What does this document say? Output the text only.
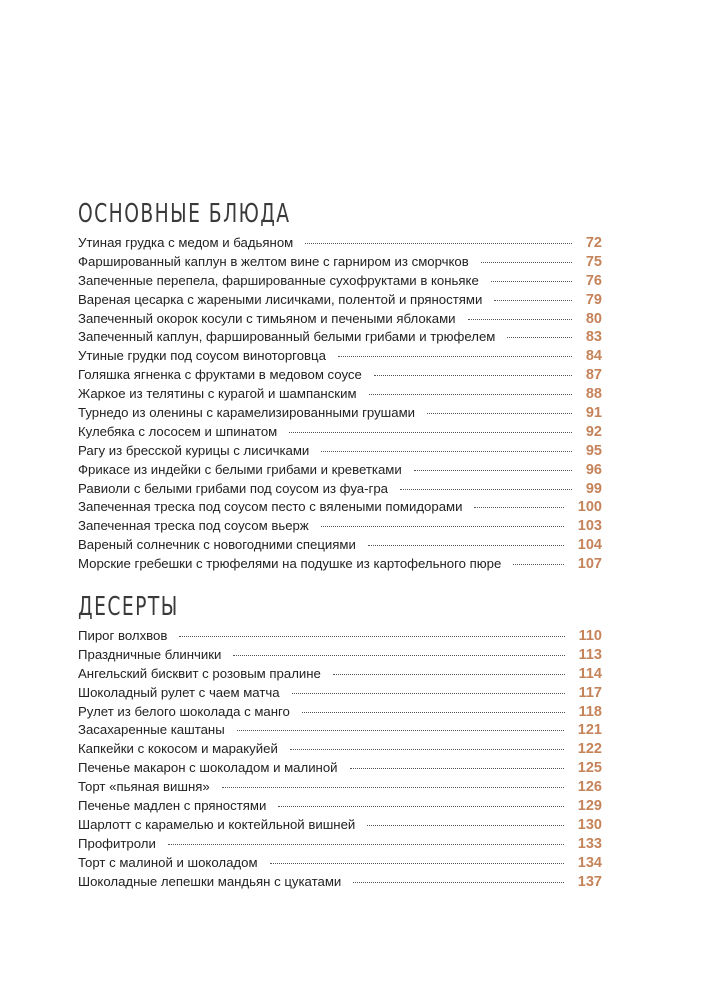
ОСНОВНЫЕ БЛЮДА
Утиная грудка с медом и бадьяном	72
Фаршированный каплун в желтом вине с гарниром из сморчков	75
Запеченные перепела, фаршированные сухофруктами в коньяке	76
Вареная цесарка с жареными лисичками, полентой и пряностями	79
Запеченный окорок косули с тимьяном и печеными яблоками	80
Запеченный каплун, фаршированный белыми грибами и трюфелем	83
Утиные грудки под соусом виноторговца	84
Голяшка ягненка с фруктами в медовом соусе	87
Жаркое из телятины с курагой и шампанским	88
Турнедо из оленины с карамелизированными грушами	91
Кулебяка с лососем и шпинатом	92
Рагу из бресской курицы с лисичками	95
Фрикасе из индейки с белыми грибами и креветками	96
Равиоли с белыми грибами под соусом из фуа-гра	99
Запеченная треска под соусом песто с вялеными помидорами	100
Запеченная треска под соусом вьерж	103
Вареный солнечник с новогодними специями	104
Морские гребешки с трюфелями на подушке из картофельного пюре	107
ДЕСЕРТЫ
Пирог волхвов	110
Праздничные блинчики	113
Ангельский бисквит с розовым пралине	114
Шоколадный рулет с чаем матча	117
Рулет из белого шоколада с манго	118
Засахаренные каштаны	121
Капкейки с кокосом и маракуйей	122
Печенье макарон с шоколадом и малиной	125
Торт «пьяная вишня»	126
Печенье мадлен с пряностями	129
Шарлотт с карамелью и коктейльной вишней	130
Профитроли	133
Торт с малиной и шоколадом	134
Шоколадные лепешки мандьян с цукатами	137
